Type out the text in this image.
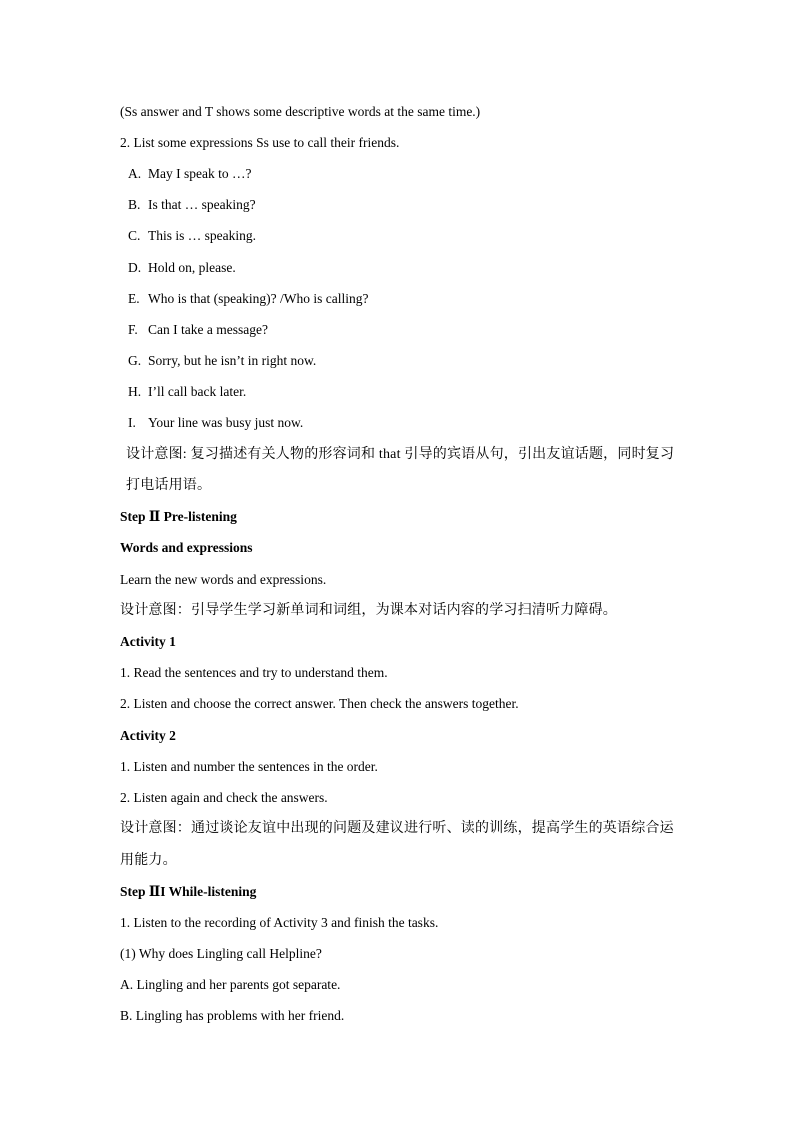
(Ss answer and T shows some descriptive words at the same time.)
2. List some expressions Ss use to call their friends.
A. May I speak to …?
B. Is that … speaking?
C. This is … speaking.
D. Hold on, please.
E. Who is that (speaking)? /Who is calling?
F. Can I take a message?
G. Sorry, but he isn’t in right now.
H. I’ll call back later.
I. Your line was busy just now.
设计意图: 复习描述有关人物的形容词和 that 引导的宾语从句，引出友谊话题，同时复习
打电话用语。
Step Ⅱ Pre-listening
Words and expressions
Learn the new words and expressions.
设计意图：引导学生学习新单词和词组，为课本对话内容的学习扫清听力障碍。
Activity 1
1. Read the sentences and try to understand them.
2. Listen and choose the correct answer. Then check the answers together.
Activity 2
1. Listen and number the sentences in the order.
2. Listen again and check the answers.
设计意图：通过谈论友谊中出现的问题及建议进行听、读的训练，提高学生的英语综合运
用能力。
Step ⅡI While-listening
1. Listen to the recording of Activity 3 and finish the tasks.
(1) Why does Lingling call Helpline?
A. Lingling and her parents got separate.
B. Lingling has problems with her friend.
